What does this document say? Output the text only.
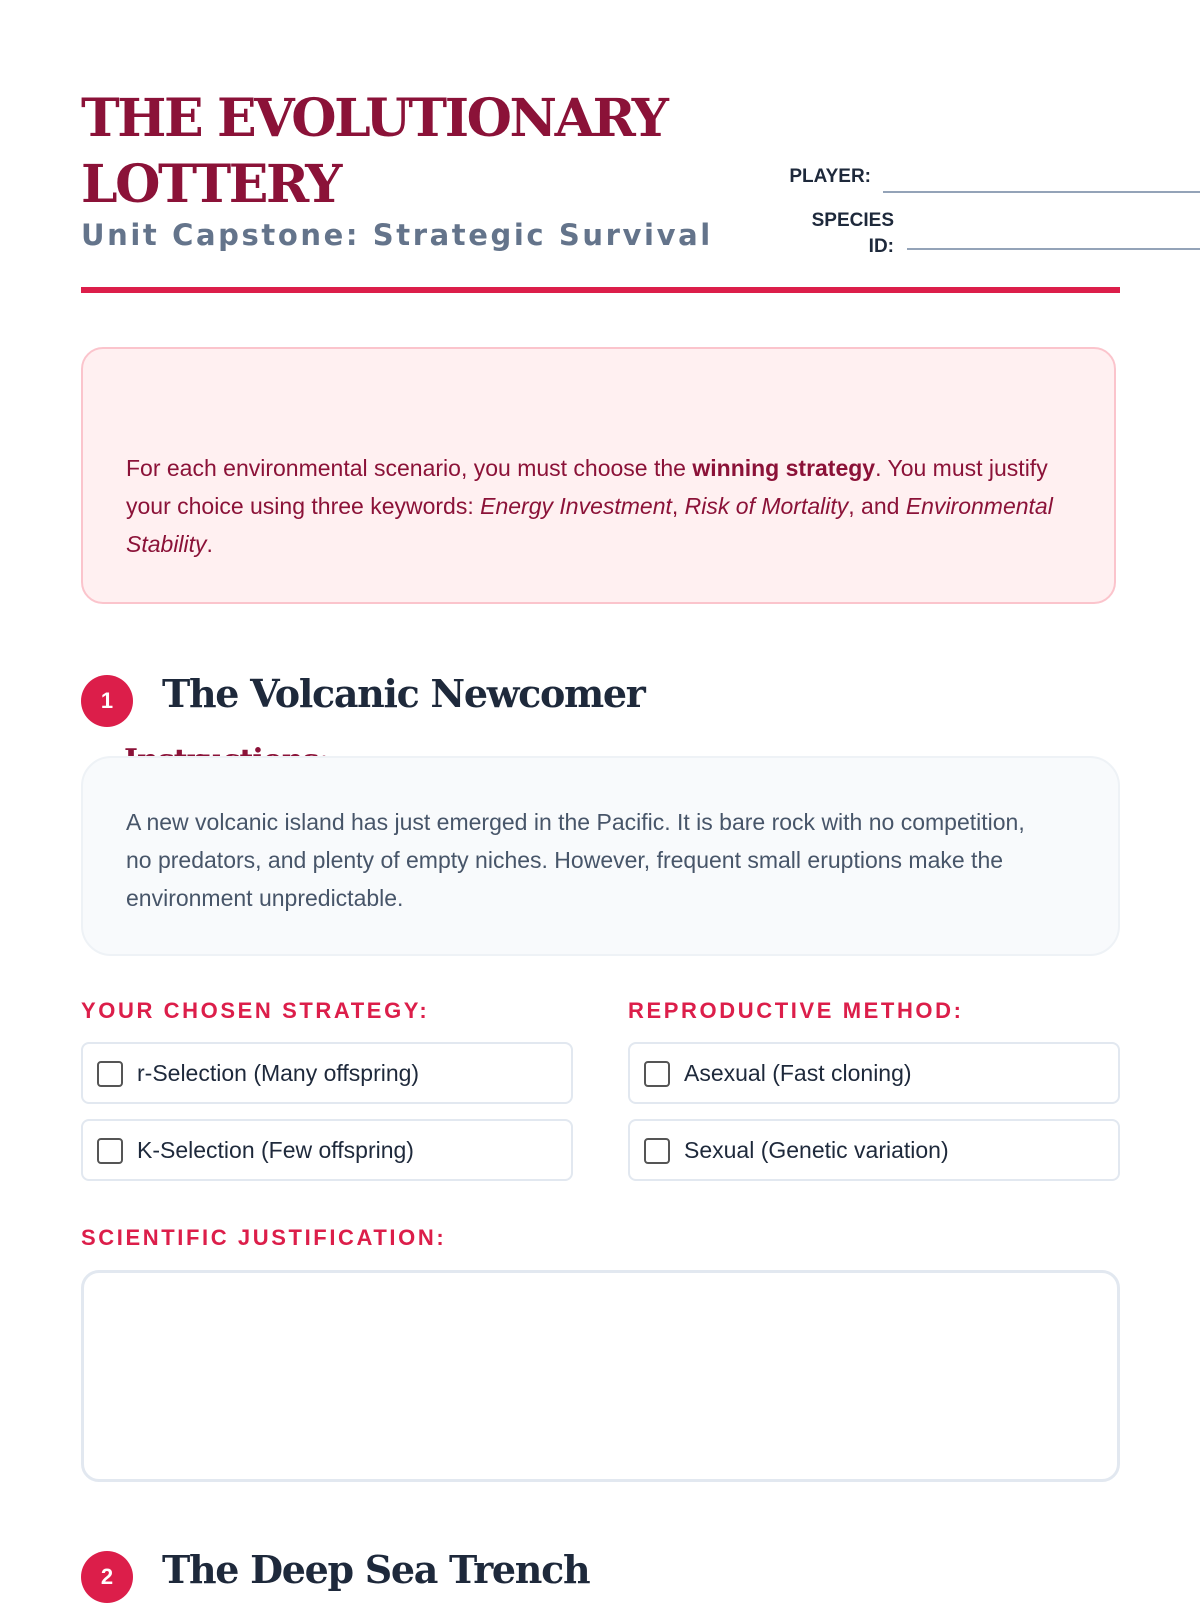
THE EVOLUTIONARY LOTTERY
Unit Capstone: Strategic Survival
PLAYER:
SPECIES
ID:

For each environmental scenario, you must choose the winning strategy. You must justify your choice using three keywords: Energy Investment, Risk of Mortality, and Environmental Stability.

1	The Volcanic Newcomer

A new volcanic island has just emerged in the Pacific. It is bare rock with no competition, no predators, and plenty of empty niches. However, frequent small eruptions make the environment unpredictable.

YOUR CHOSEN STRATEGY:	REPRODUCTIVE METHOD:
r-Selection (Many offspring)
K-Selection (Few offspring)
Asexual (Fast cloning)
Sexual (Genetic variation)
SCIENTIFIC JUSTIFICATION:
2	The Deep Sea Trench
